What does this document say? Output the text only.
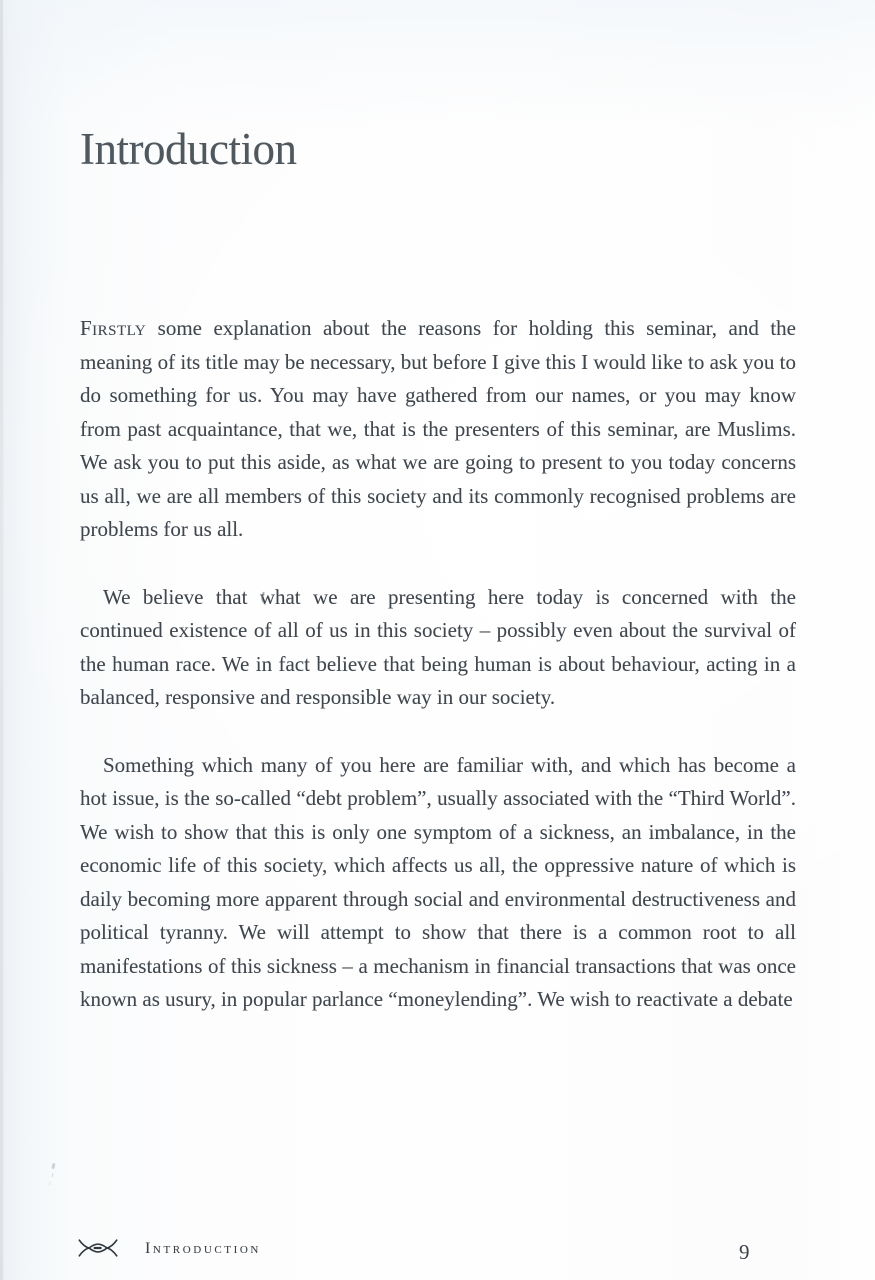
Introduction

Firstly some explanation about the reasons for holding this seminar, and the meaning of its title may be necessary, but before I give this I would like to ask you to do something for us. You may have gathered from our names, or you may know from past acquaintance, that we, that is the presenters of this seminar, are Muslims. We ask you to put this aside, as what we are going to present to you today concerns us all, we are all members of this society and its commonly recognised problems are problems for us all.

We believe that what we are presenting here today is concerned with the continued existence of all of us in this society – possibly even about the survival of the human race. We in fact believe that being human is about behaviour, acting in a balanced, responsive and responsible way in our society.

Something which many of you here are familiar with, and which has become a hot issue, is the so-called “debt problem”, usually associated with the “Third World”. We wish to show that this is only one symptom of a sickness, an imbalance, in the economic life of this society, which affects us all, the oppressive nature of which is daily becoming more apparent through social and environmental destructiveness and political tyranny. We will attempt to show that there is a common root to all manifestations of this sickness – a mechanism in financial transactions that was once known as usury, in popular parlance “moneylending”. We wish to reactivate a debate

Introduction	9
